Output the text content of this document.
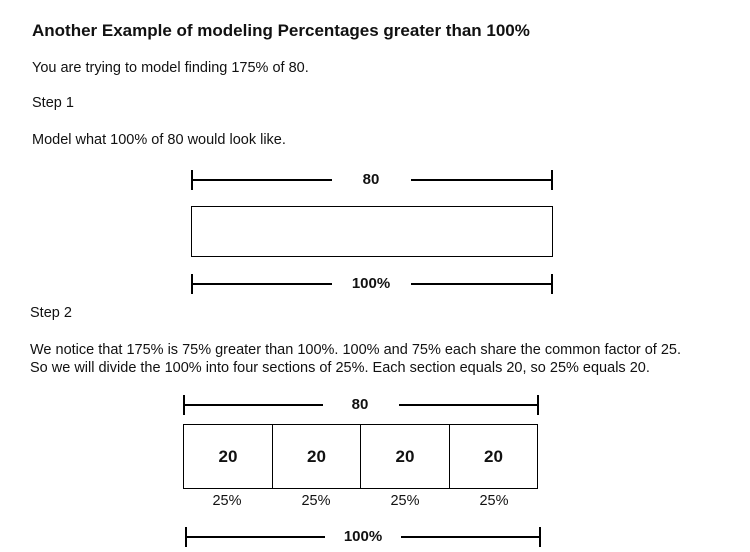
Another Example of modeling Percentages greater than 100%
You are trying to model finding 175% of 80.
Step 1
Model what 100% of 80 would look like.
80
100%
Step 2
We notice that 175% is 75% greater than 100%. 100% and 75% each share the common factor of 25.
So we will divide the 100% into four sections of 25%. Each section equals 20, so 25% equals 20.
80
20	20	20	20
25%	25%	25%	25%
100%
